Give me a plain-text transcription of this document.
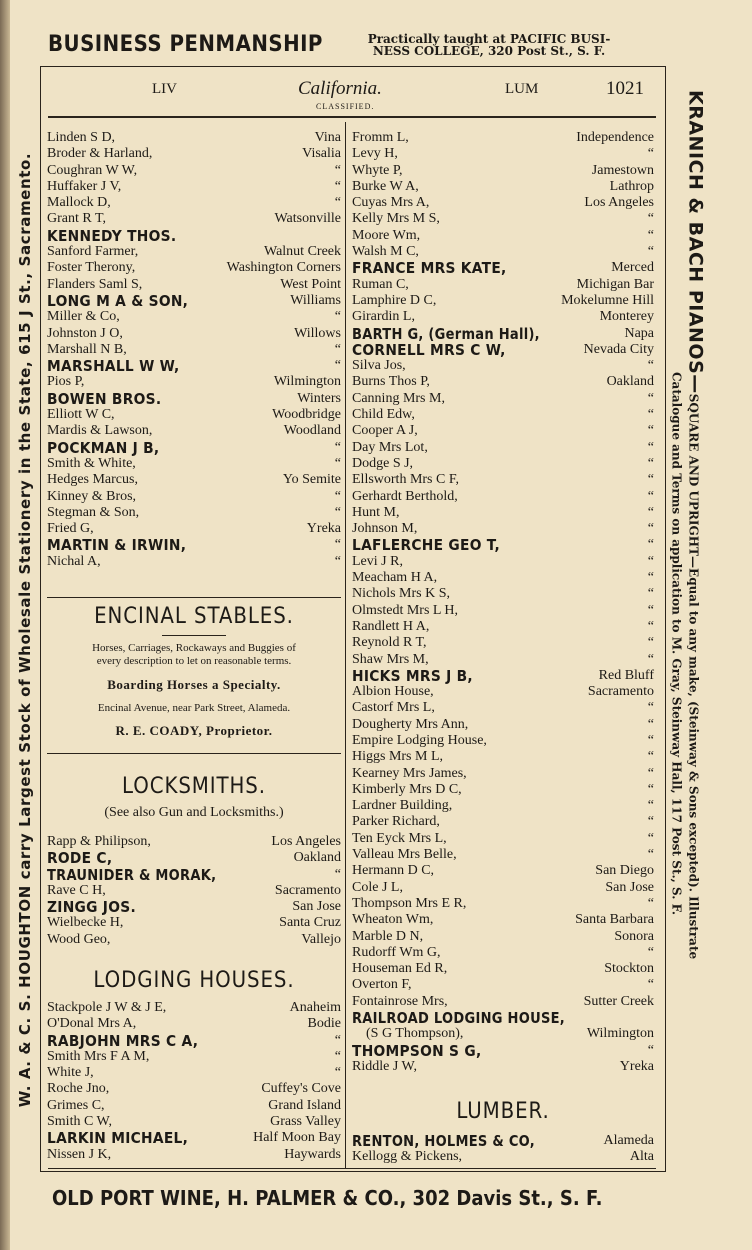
BUSINESS PENMANSHIP	Practically taught at PACIFIC BUSI-
NESS COLLEGE, 320 Post St., S. F.
LIV	California.
CLASSIFIED.
LUM	1021
Linden S D,	Vina
Broder & Harland,	Visalia
Coughran W W,	“
Huffaker J V,	“
Mallock D,	“
Grant R T,	Watsonville
KENNEDY THOS.
Sanford Farmer,	Walnut Creek
Foster Therony,	Washington Corners
Flanders Saml S,	West Point
LONG M A & SON,	Williams
Miller & Co,	“
Johnston J O,	Willows
Marshall N B,	“
MARSHALL W W,	“
Pios P,	Wilmington
BOWEN BROS.	Winters
Elliott W C,	Woodbridge
Mardis & Lawson,	Woodland
POCKMAN J B,	“
Smith & White,	“
Hedges Marcus,	Yo Semite
Kinney & Bros,	“
Stegman & Son,	“
Fried G,	Yreka
MARTIN & IRWIN,	“
Nichal A,	“
ENCINAL STABLES.
Horses, Carriages, Rockaways and Buggies of
every description to let on reasonable terms.
Boarding Horses a Specialty.
Encinal Avenue, near Park Street, Alameda.
R. E. COADY, Proprietor.
LOCKSMITHS.
(See also Gun and Locksmiths.)
Rapp & Philipson,	Los Angeles
RODE C,	Oakland
TRAUNIDER & MORAK,	“
Rave C H,	Sacramento
ZINGG JOS.	San Jose
Wielbecke H,	Santa Cruz
Wood Geo,	Vallejo
LODGING HOUSES.
Stackpole J W & J E,	Anaheim
O'Donal Mrs A,	Bodie
RABJOHN MRS C A,	“
Smith Mrs F A M,	“
White J,	“
Roche Jno,	Cuffey's Cove
Grimes C,	Grand Island
Smith C W,	Grass Valley
LARKIN MICHAEL,	Half Moon Bay
Nissen J K,	Haywards
Fromm L,	Independence
Levy H,	“
Whyte P,	Jamestown
Burke W A,	Lathrop
Cuyas Mrs A,	Los Angeles
Kelly Mrs M S,	“
Moore Wm,	“
Walsh M C,	“
FRANCE MRS KATE,	Merced
Ruman C,	Michigan Bar
Lamphire D C,	Mokelumne Hill
Girardin L,	Monterey
BARTH G, (German Hall),	Napa
CORNELL MRS C W,	Nevada City
Silva Jos,	“
Burns Thos P,	Oakland
Canning Mrs M,	“
Child Edw,	“
Cooper A J,	“
Day Mrs Lot,	“
Dodge S J,	“
Ellsworth Mrs C F,	“
Gerhardt Berthold,	“
Hunt M,	“
Johnson M,	“
LAFLERCHE GEO T,	“
Levi J R,	“
Meacham H A,	“
Nichols Mrs K S,	“
Olmstedt Mrs L H,	“
Randlett H A,	“
Reynold R T,	“
Shaw Mrs M,	“
HICKS MRS J B,	Red Bluff
Albion House,	Sacramento
Castorf Mrs L,	“
Dougherty Mrs Ann,	“
Empire Lodging House,	“
Higgs Mrs M L,	“
Kearney Mrs James,	“
Kimberly Mrs D C,	“
Lardner Building,	“
Parker Richard,	“
Ten Eyck Mrs L,	“
Valleau Mrs Belle,	“
Hermann D C,	San Diego
Cole J L,	San Jose
Thompson Mrs E R,	“
Wheaton Wm,	Santa Barbara
Marble D N,	Sonora
Rudorff Wm G,	“
Houseman Ed R,	Stockton
Overton F,	“
Fontainrose Mrs,	Sutter Creek
RAILROAD LODGING HOUSE,
(S G Thompson),	Wilmington
THOMPSON S G,	“
Riddle J W,	Yreka
LUMBER.
RENTON, HOLMES & CO,	Alameda
Kellogg & Pickens,	Alta
W. A. & C. S. HOUGHTON carry Largest Stock of Wholesale Stationery in the State, 615 J St., Sacramento.	KRANICH & BACH PIANOS—SQUARE AND UPRIGHT—Equal to any make, (Steinway & Sons excepted). Illustrate
Catalogue and Terms on application to M. Gray, Steinway Hall, 117 Post St., S. F.
OLD PORT WINE, H. PALMER & CO., 302 Davis St., S. F.
